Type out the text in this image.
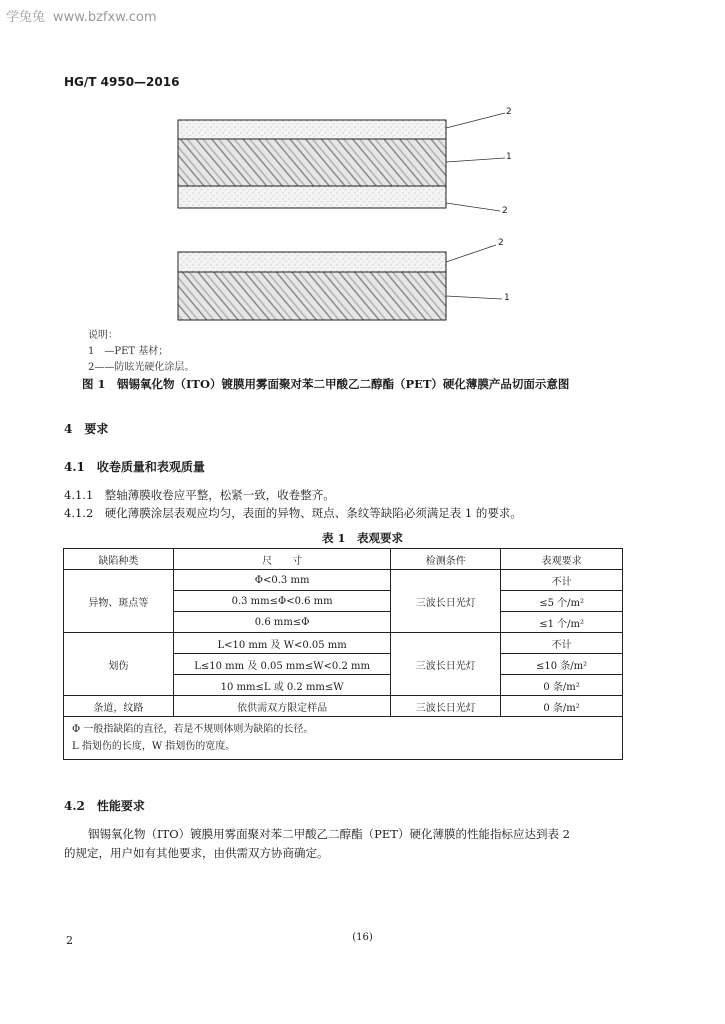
学兔兔 www.bzfxw.com
HG/T 4950—2016
2
1
2
2
1
说明：
1　—PET 基材；
2——防眩光硬化涂层。
图 1　铟锡氧化物（ITO）镀膜用雾面聚对苯二甲酸乙二醇酯（PET）硬化薄膜产品切面示意图
4　要求
4.1　收卷质量和表观质量
4.1.1　整轴薄膜收卷应平整，松紧一致，收卷整齐。
4.1.2　硬化薄膜涂层表观应均匀，表面的异物、斑点、条纹等缺陷必须满足表 1 的要求。
表 1　表观要求
缺陷种类	尺　　寸	检测条件	表观要求
异物、斑点等	Φ<0.3 mm	三波长日光灯	不计
	0.3 mm≤Φ<0.6 mm		≤5 个/m²
	0.6 mm≤Φ		≤1 个/m²
划伤	L<10 mm 及 W<0.05 mm	三波长日光灯	不计
	L≤10 mm 及 0.05 mm≤W<0.2 mm		≤10 条/m²
	10 mm≤L 或 0.2 mm≤W		0 条/m²
条道，纹路	依供需双方限定样品	三波长日光灯	0 条/m²

Φ 一般指缺陷的直径，若是不规则体则为缺陷的长径。
L 指划伤的长度，W 指划伤的宽度。			
4.2　性能要求
铟锡氧化物（ITO）镀膜用雾面聚对苯二甲酸乙二醇酯（PET）硬化薄膜的性能指标应达到表 2
的规定，用户如有其他要求，由供需双方协商确定。
2	(16)
